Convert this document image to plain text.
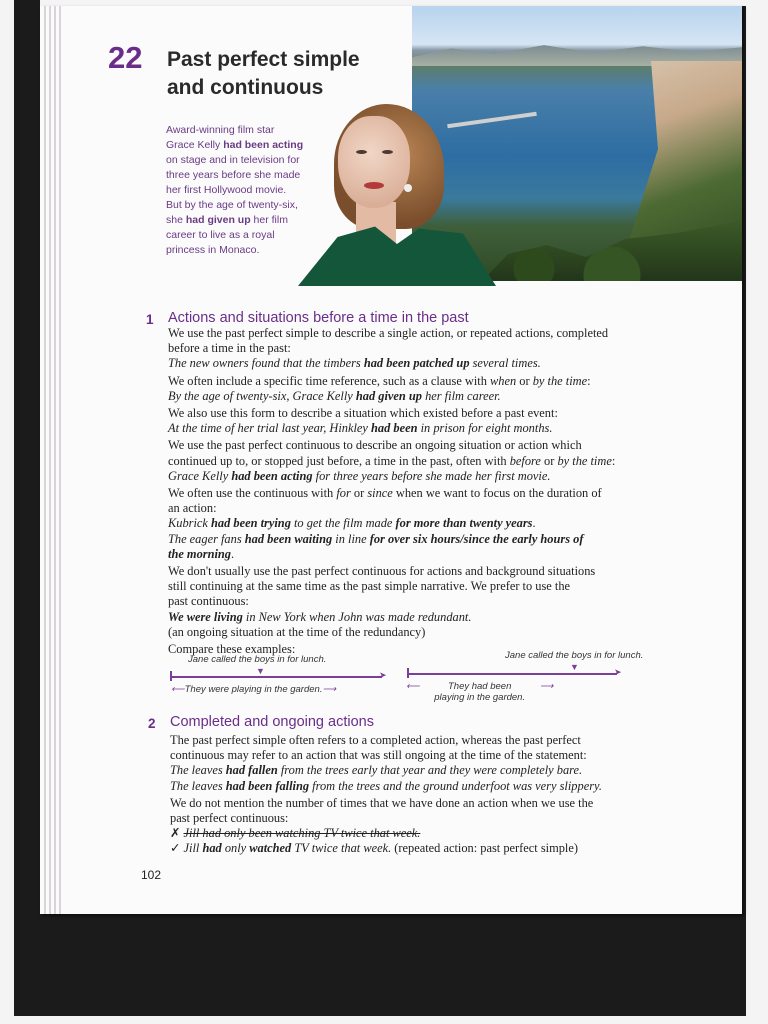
22 Past perfect simple
and continuous
Award-winning film star
Grace Kelly had been acting
on stage and in television for
three years before she made
her first Hollywood movie.
But by the age of twenty-six,
she had given up her film
career to live as a royal
princess in Monaco.
1 Actions and situations before a time in the past
We use the past perfect simple to describe a single action, or repeated actions, completed
before a time in the past:
The new owners found that the timbers had been patched up several times.
We often include a specific time reference, such as a clause with when or by the time:
By the age of twenty-six, Grace Kelly had given up her film career.
We also use this form to describe a situation which existed before a past event:
At the time of her trial last year, Hinkley had been in prison for eight months.
We use the past perfect continuous to describe an ongoing situation or action which
continued up to, or stopped just before, a time in the past, often with before or by the time:
Grace Kelly had been acting for three years before she made her first movie.
We often use the continuous with for or since when we want to focus on the duration of
an action:
Kubrick had been trying to get the film made for more than twenty years.
The eager fans had been waiting in line for over six hours/since the early hours of
the morning.
We don't usually use the past perfect continuous for actions and background situations
still continuing at the same time as the past simple narrative. We prefer to use the
past continuous:
We were living in New York when John was made redundant.
(an ongoing situation at the time of the redundancy)
Compare these examples:
Jane called the boys in for lunch.
▼	➤
⟵They were playing in the garden.⟶
Jane called the boys in for lunch.
▼	➤
⟵	They had been
playing in the garden. ⟶
2 Completed and ongoing actions
The past perfect simple often refers to a completed action, whereas the past perfect
continuous may refer to an action that was still ongoing at the time of the statement:
The leaves had fallen from the trees early that year and they were completely bare.
The leaves had been falling from the trees and the ground underfoot was very slippery.
We do not mention the number of times that we have done an action when we use the
past perfect continuous:
✗ Jill had only been watching TV twice that week.
✓ Jill had only watched TV twice that week. (repeated action: past perfect simple)
102
